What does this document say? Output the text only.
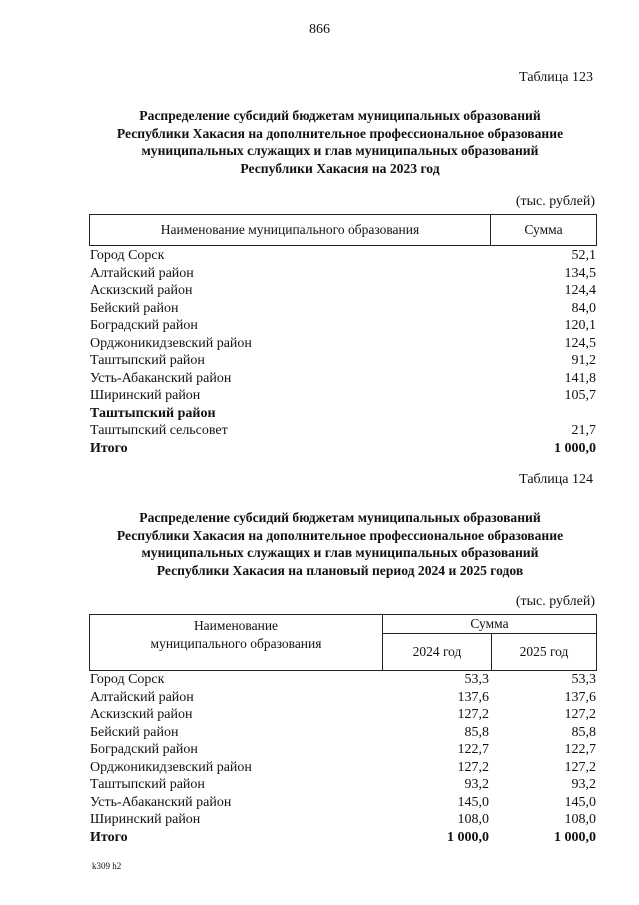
866
Таблица 123
Распределение субсидий бюджетам муниципальных образований
Республики Хакасия на дополнительное профессиональное образование
муниципальных служащих и глав муниципальных образований
Республики Хакасия на 2023 год
(тыс. рублей)
Наименование муниципального образования	Сумма
Город Сорск	52,1
Алтайский район	134,5
Аскизский район	124,4
Бейский район	84,0
Боградский район	120,1
Орджоникидзевский район	124,5
Таштыпский район	91,2
Усть-Абаканский район	141,8
Ширинский район	105,7
Таштыпский район
Таштыпский сельсовет	21,7
Итого	1 000,0
Таблица 124
Распределение субсидий бюджетам муниципальных образований
Республики Хакасия на дополнительное профессиональное образование
муниципальных служащих и глав муниципальных образований
Республики Хакасия на плановый период 2024 и 2025 годов
(тыс. рублей)
Наименование
муниципального образования	Сумма	
	2024 год	2025 год
Город Сорск	53,3	53,3
Алтайский район	137,6	137,6
Аскизский район	127,2	127,2
Бейский район	85,8	85,8
Боградский район	122,7	122,7
Орджоникидзевский район	127,2	127,2
Таштыпский район	93,2	93,2
Усть-Абаканский район	145,0	145,0
Ширинский район	108,0	108,0
Итого	1 000,0	1 000,0
k309 h2
